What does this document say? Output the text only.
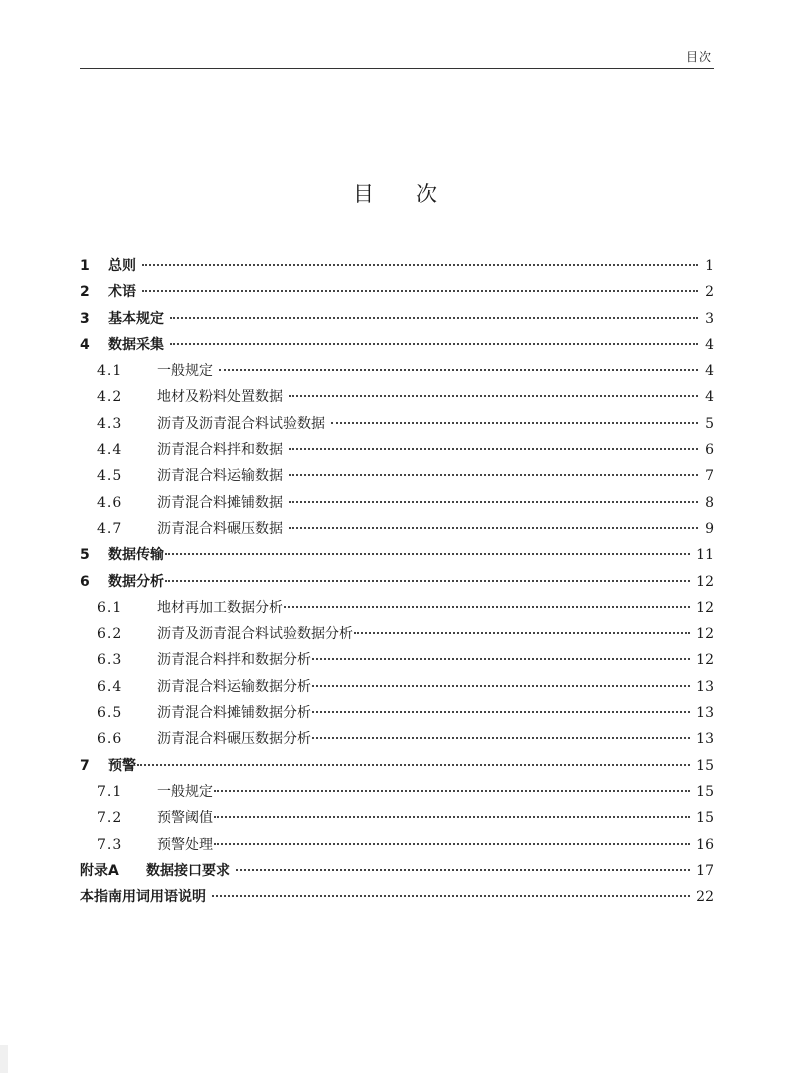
目次
目次
1	总则	1
2	术语	2
3	基本规定	3
4	数据采集	4
4.1	一般规定	4
4.2	地材及粉料处置数据	4
4.3	沥青及沥青混合料试验数据	5
4.4	沥青混合料拌和数据	6
4.5	沥青混合料运输数据	7
4.6	沥青混合料摊铺数据	8
4.7	沥青混合料碾压数据	9
5	数据传输	11
6	数据分析	12
6.1	地材再加工数据分析	12
6.2	沥青及沥青混合料试验数据分析	12
6.3	沥青混合料拌和数据分析	12
6.4	沥青混合料运输数据分析	13
6.5	沥青混合料摊铺数据分析	13
6.6	沥青混合料碾压数据分析	13
7	预警	15
7.1	一般规定	15
7.2	预警阈值	15
7.3	预警处理	16
附录A	数据接口要求	17
本指南用词用语说明	22
